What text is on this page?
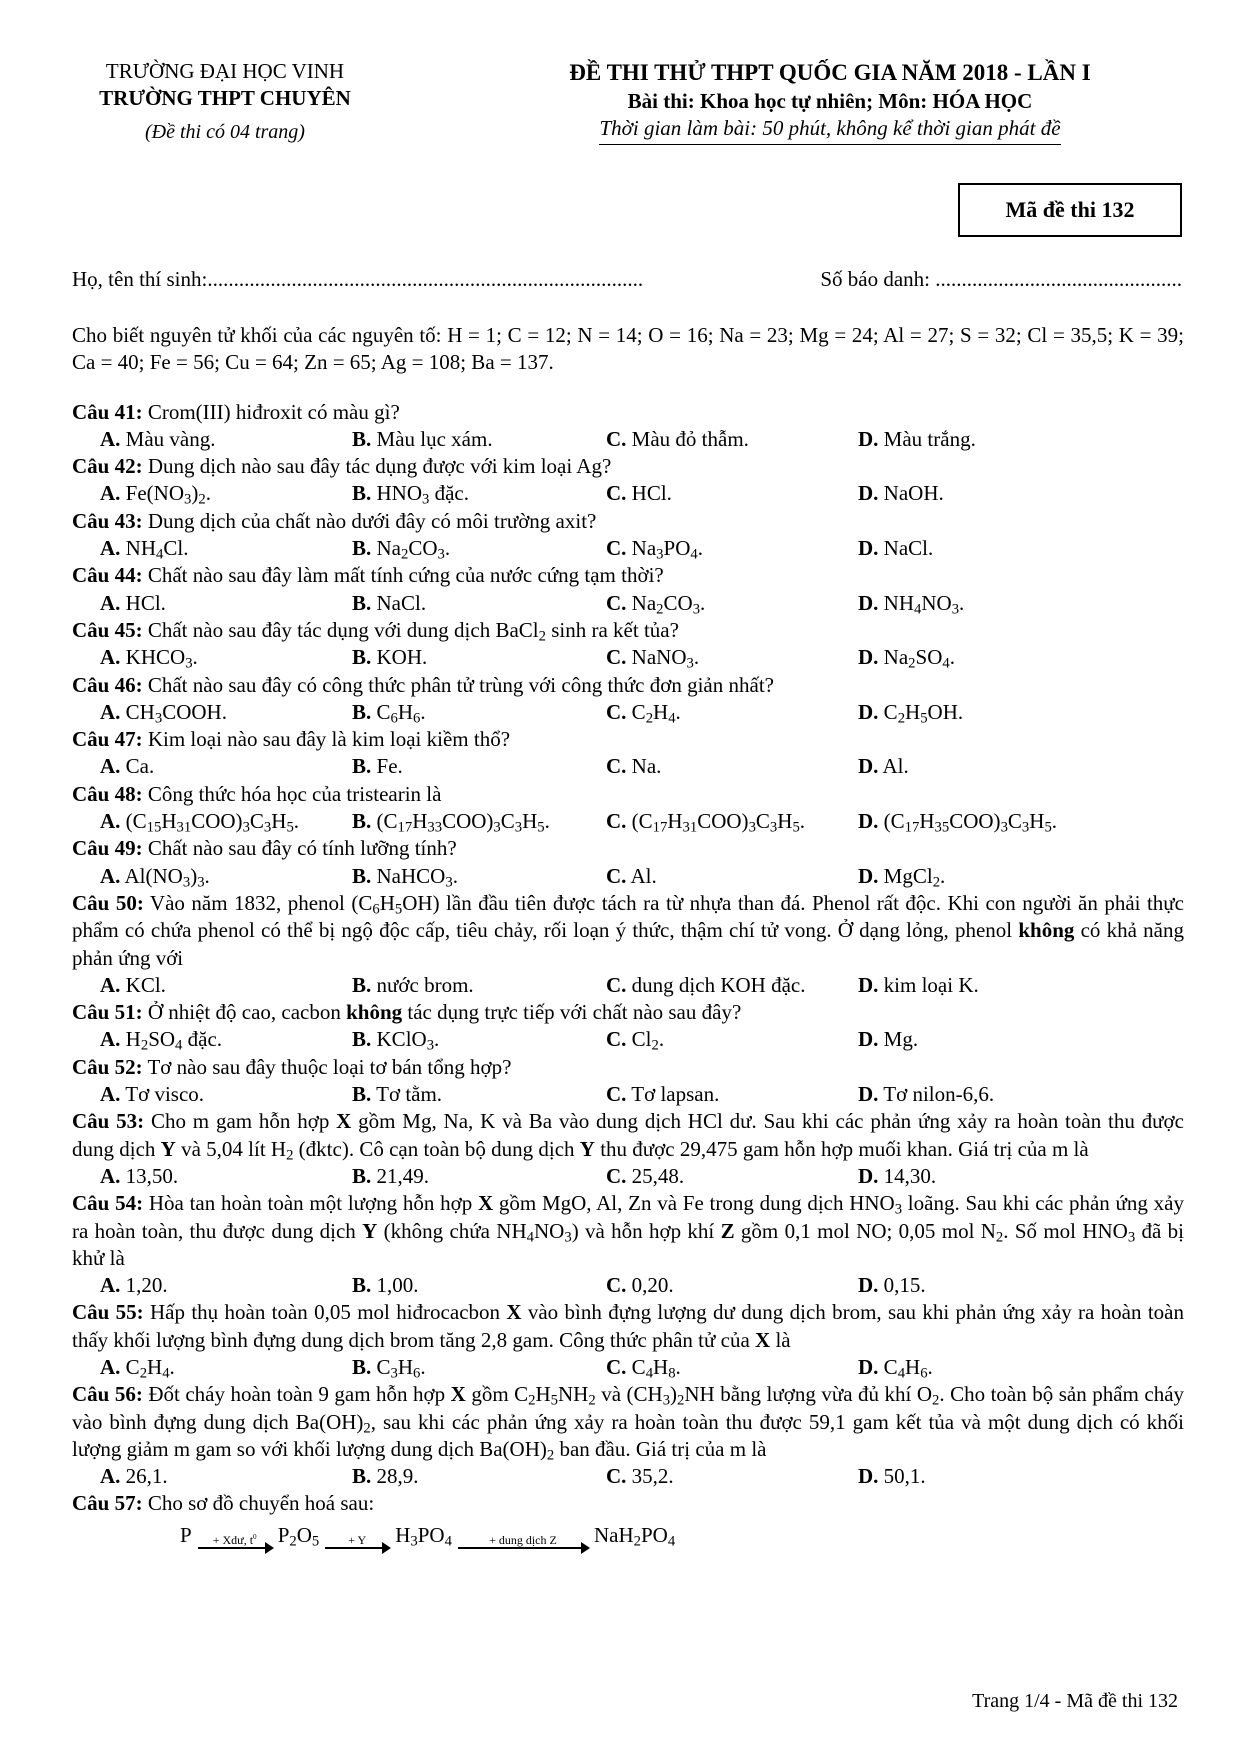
TRƯỜNG ĐẠI HỌC VINH
TRƯỜNG THPT CHUYÊN
(Đề thi có 04 trang)
ĐỀ THI THỬ THPT QUỐC GIA NĂM 2018 - LẦN I
Bài thi: Khoa học tự nhiên; Môn: HÓA HỌC
Thời gian làm bài: 50 phút, không kể thời gian phát đề
Mã đề thi 132
Họ, tên thí sinh:...................................................................................	Số báo danh: ...............................................

Cho biết nguyên tử khối của các nguyên tố: H = 1; C = 12; N = 14; O = 16; Na = 23; Mg = 24; Al = 27; S = 32; Cl = 35,5; K = 39; Ca = 40; Fe = 56; Cu = 64; Zn = 65; Ag = 108; Ba = 137.

Câu 41: Crom(III) hiđroxit có màu gì?

A. Màu vàng.	B. Màu lục xám.	C. Màu đỏ thẫm.	D. Màu trắng.

Câu 42: Dung dịch nào sau đây tác dụng được với kim loại Ag?

A. $Fe(NO_3)_2$.	B. $HNO_3$ đặc.	C. HCl.	D. NaOH.

Câu 43: Dung dịch của chất nào dưới đây có môi trường axit?

A. $NH_4Cl$.	B. $Na_2CO_3$.	C. $Na_3PO_4$.	D. NaCl.

Câu 44: Chất nào sau đây làm mất tính cứng của nước cứng tạm thời?

A. HCl.	B. NaCl.	C. $Na_2CO_3$.	D. $NH_4NO_3$.

Câu 45: Chất nào sau đây tác dụng với dung dịch BaCl$_2$ sinh ra kết tủa?

A. $KHCO_3$.	B. KOH.	C. NaNO$_3$.	D. $Na_2SO_4$.

Câu 46: Chất nào sau đây có công thức phân tử trùng với công thức đơn giản nhất?

A. $CH_3COOH$.	B. $C_6H_6$.	C. $C_2H_4$.	D. $C_2H_5OH$.

Câu 47: Kim loại nào sau đây là kim loại kiềm thổ?

A. Ca.	B. Fe.	C. Na.	D. Al.

Câu 48: Công thức hóa học của tristearin là

A. $(C_{15}H_{31}COO)_3C_3H_5$.	B. $(C_{17}H_{33}COO)_3C_3H_5$.	C. $(C_{17}H_{31}COO)_3C_3H_5$.	D. $(C_{17}H_{35}COO)_3C_3H_5$.

Câu 49: Chất nào sau đây có tính lưỡng tính?

A. $Al(NO_3)_3$.	B. NaHCO$_3$.	C. Al.	D. MgCl$_2$.

Câu 50: Vào năm 1832, phenol $(C_6H_5OH)$ lần đầu tiên được tách ra từ nhựa than đá. Phenol rất độc. Khi con người ăn phải thực phẩm có chứa phenol có thể bị ngộ độc cấp, tiêu chảy, rối loạn ý thức, thậm chí tử vong. Ở dạng lỏng, phenol không có khả năng phản ứng với

A. KCl.	B. nước brom.	C. dung dịch KOH đặc.	D. kim loại K.

Câu 51: Ở nhiệt độ cao, cacbon không tác dụng trực tiếp với chất nào sau đây?

A. $H_2SO_4$ đặc.	B. KClO$_3$.	C. $Cl_2$.	D. Mg.

Câu 52: Tơ nào sau đây thuộc loại tơ bán tổng hợp?

A. Tơ visco.	B. Tơ tằm.	C. Tơ lapsan.	D. Tơ nilon-6,6.

Câu 53: Cho m gam hỗn hợp X gồm Mg, Na, K và Ba vào dung dịch HCl dư. Sau khi các phản ứng xảy ra hoàn toàn thu được dung dịch Y và 5,04 lít $H_2$ (đktc). Cô cạn toàn bộ dung dịch Y thu được 29,475 gam hỗn hợp muối khan. Giá trị của m là

A. 13,50.	B. 21,49.	C. 25,48.	D. 14,30.

Câu 54: Hòa tan hoàn toàn một lượng hỗn hợp X gồm MgO, Al, Zn và Fe trong dung dịch $HNO_3$ loãng. Sau khi các phản ứng xảy ra hoàn toàn, thu được dung dịch Y (không chứa $NH_4NO_3$) và hỗn hợp khí Z gồm 0,1 mol NO; 0,05 mol $N_2$. Số mol $HNO_3$ đã bị khử là

A. 1,20.	B. 1,00.	C. 0,20.	D. 0,15.

Câu 55: Hấp thụ hoàn toàn 0,05 mol hiđrocacbon X vào bình đựng lượng dư dung dịch brom, sau khi phản ứng xảy ra hoàn toàn thấy khối lượng bình đựng dung dịch brom tăng 2,8 gam. Công thức phân tử của X là

A. $C_2H_4$.	B. $C_3H_6$.	C. $C_4H_8$.	D. $C_4H_6$.

Câu 56: Đốt cháy hoàn toàn 9 gam hỗn hợp X gồm $C_2H_5NH_2$ và $(CH_3)_2NH$ bằng lượng vừa đủ khí $O_2$. Cho toàn bộ sản phẩm cháy vào bình đựng dung dịch $Ba(OH)_2$, sau khi các phản ứng xảy ra hoàn toàn thu được 59,1 gam kết tủa và một dung dịch có khối lượng giảm m gam so với khối lượng dung dịch $Ba(OH)_2$ ban đầu. Giá trị của m là

A. 26,1.	B. 28,9.	C. 35,2.	D. 50,1.

Câu 57: Cho sơ đồ chuyển hoá sau:

P + Xdư, $t^0$ $P_2O_5 + Y$ $H_3PO_4$	+ dung dịch Z $NaH_2PO_4$
Trang 1/4 - Mã đề thi 132
